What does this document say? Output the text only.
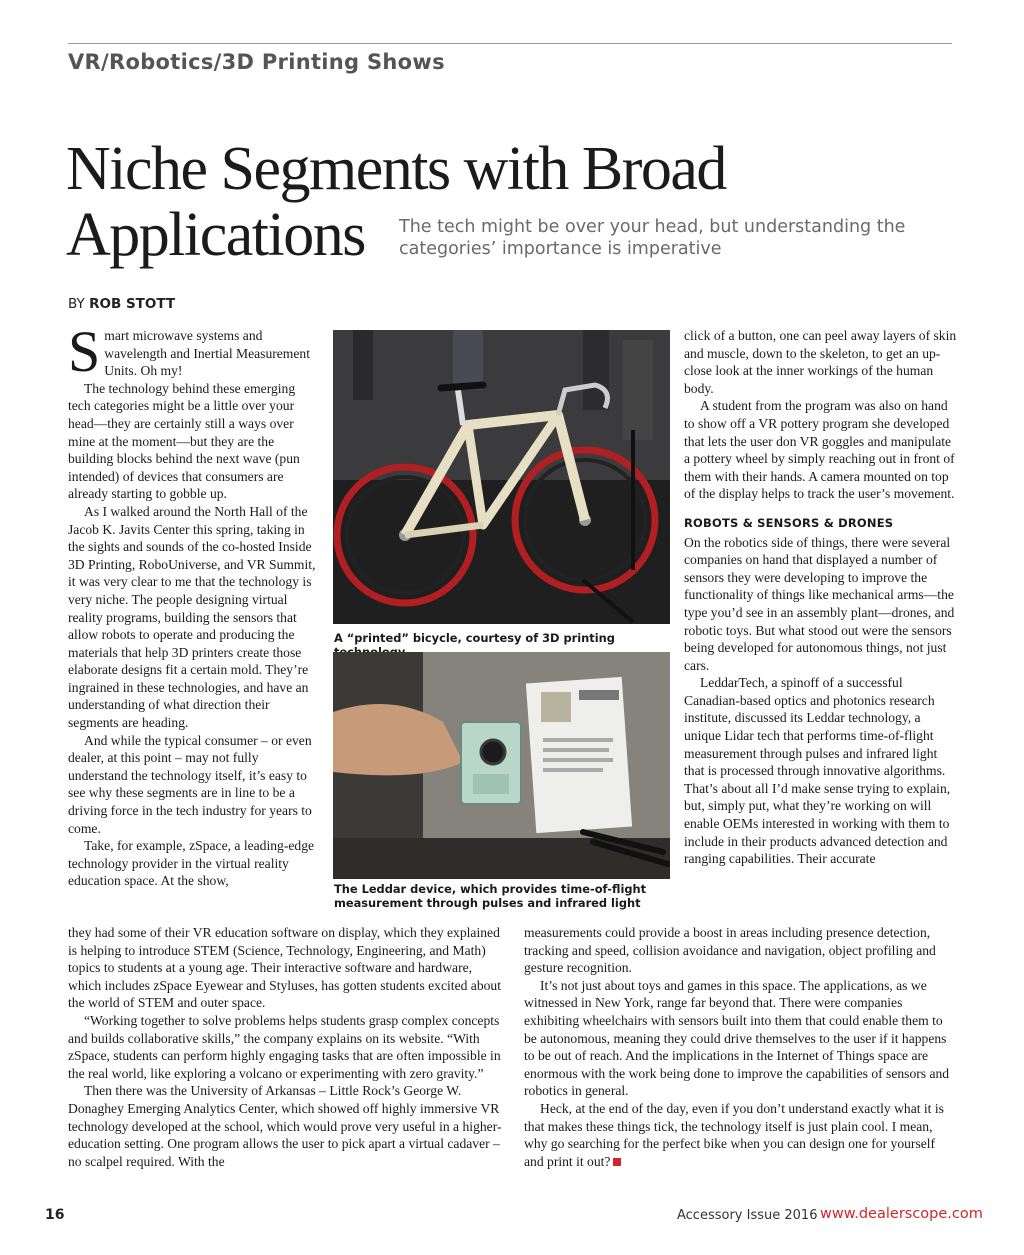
VR/Robotics/3D Printing Shows
Niche Segments with Broad
Applications The tech might be over your head, but understanding the categories’ importance is imperative
BY ROB STOTT

Smart microwave systems and wavelength and Inertial Measurement Units. Oh my!

The technology behind these emerging tech categories might be a little over your head—they are certainly still a ways over mine at the moment—but they are the building blocks behind the next wave (pun intended) of devices that consumers are already starting to gobble up.

As I walked around the North Hall of the Jacob K. Javits Center this spring, taking in the sights and sounds of the co-hosted Inside 3D Printing, RoboUniverse, and VR Summit, it was very clear to me that the technology is very niche. The people designing virtual reality programs, building the sensors that allow robots to operate and producing the materials that help 3D printers create those elaborate designs fit a certain mold. They’re ingrained in these technologies, and have an understanding of what direction their segments are heading.

And while the typical consumer – or even dealer, at this point – may not fully understand the technology itself, it’s easy to see why these segments are in line to be a driving force in the tech industry for years to come.

Take, for example, zSpace, a leading-edge technology provider in the virtual reality education space. At the show,

A “printed” bicycle, courtesy of 3D printing
The Leddar device, which provides time-of-flight measurement through pulses and infrared light

click of a button, one can peel away layers of skin and muscle, down to the skeleton, to get an up-close look at the inner workings of the human body.

A student from the program was also on hand to show off a VR pottery program she developed that lets the user don VR goggles and manipulate a pottery wheel by simply reaching out in front of them with their hands. A camera mounted on top of the display helps to track the user’s movement.

ROBOTS & SENSORS & DRONES

On the robotics side of things, there were several companies on hand that displayed a number of sensors they were developing to improve the functionality of things like mechanical arms—the type you’d see in an assembly plant—drones, and robotic toys. But what stood out were the sensors being developed for autonomous things, not just cars.

LeddarTech, a spinoff of a successful Canadian-based optics and photonics research institute, discussed its Leddar technology, a unique Lidar tech that performs time-of-flight measurement through pulses and infrared light that is processed through innovative algorithms. That’s about all I’d make sense trying to explain, but, simply put, what they’re working on will enable OEMs interested in working with them to include in their products advanced detection and ranging capabilities. Their accurate

they had some of their VR education software on display, which they explained is helping to introduce STEM (Science, Technology, Engineering, and Math) topics to students at a young age. Their interactive software and hardware, which includes zSpace Eyewear and Styluses, has gotten students excited about the world of STEM and outer space.

“Working together to solve problems helps students grasp complex concepts and builds collaborative skills,” the company explains on its website. “With zSpace, students can perform highly engaging tasks that are often impossible in the real world, like exploring a volcano or experimenting with zero gravity.”

Then there was the University of Arkansas – Little Rock’s George W. Donaghey Emerging Analytics Center, which showed off highly immersive VR technology developed at the school, which would prove very useful in a higher-education setting. One program allows the user to pick apart a virtual cadaver – no scalpel required. With the

measurements could provide a boost in areas including presence detection, tracking and speed, collision avoidance and navigation, object profiling and gesture recognition.

It’s not just about toys and games in this space. The applications, as we witnessed in New York, range far beyond that. There were companies exhibiting wheelchairs with sensors built into them that could enable them to be autonomous, meaning they could drive themselves to the user if it happens to be out of reach. And the implications in the Internet of Things space are enormous with the work being done to improve the capabilities of sensors and robotics in general.

Heck, at the end of the day, even if you don’t understand exactly what it is that makes these things tick, the technology itself is just plain cool. I mean, why go searching for the perfect bike when you can design one for yourself and print it out?

16	Accessory Issue 2016 www.dealerscope.com
